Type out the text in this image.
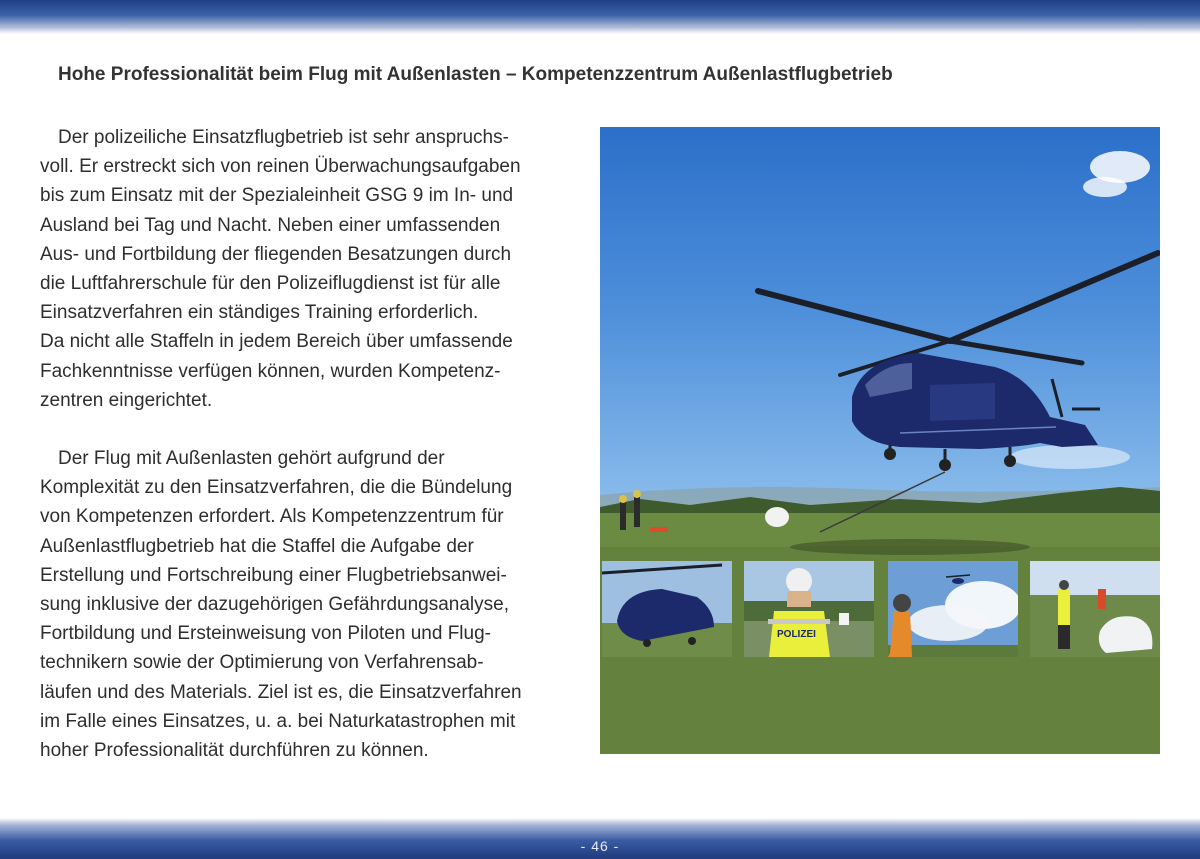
Hohe Professionalität beim Flug mit Außenlasten – Kompetenzzentrum Außenlastflugbetrieb

Der polizeiliche Einsatzflugbetrieb ist sehr anspruchs-
voll. Er erstreckt sich von reinen Überwachungsaufgaben
bis zum Einsatz mit der Spezialeinheit GSG 9 im In- und
Ausland bei Tag und Nacht. Neben einer umfassenden
Aus- und Fortbildung der fliegenden Besatzungen durch
die Luftfahrerschule für den Polizeiflugdienst ist für alle
Einsatzverfahren ein ständiges Training erforderlich.
Da nicht alle Staffeln in jedem Bereich über umfassende
Fachkenntnisse verfügen können, wurden Kompetenz-
zentren eingerichtet.

Der Flug mit Außenlasten gehört aufgrund der
Komplexität zu den Einsatzverfahren, die die Bündelung
von Kompetenzen erfordert. Als Kompetenzzentrum für
Außenlastflugbetrieb hat die Staffel die Aufgabe der
Erstellung und Fortschreibung einer Flugbetriebsanwei-
sung inklusive der dazugehörigen Gefährdungsanalyse,
Fortbildung und Ersteinweisung von Piloten und Flug-
technikern sowie der Optimierung von Verfahrensab-
läufen und des Materials. Ziel ist es, die Einsatzverfahren
im Falle eines Einsatzes, u. a. bei Naturkatastrophen mit
hoher Professionalität durchführen zu können.

POLIZEI
- 46 -
